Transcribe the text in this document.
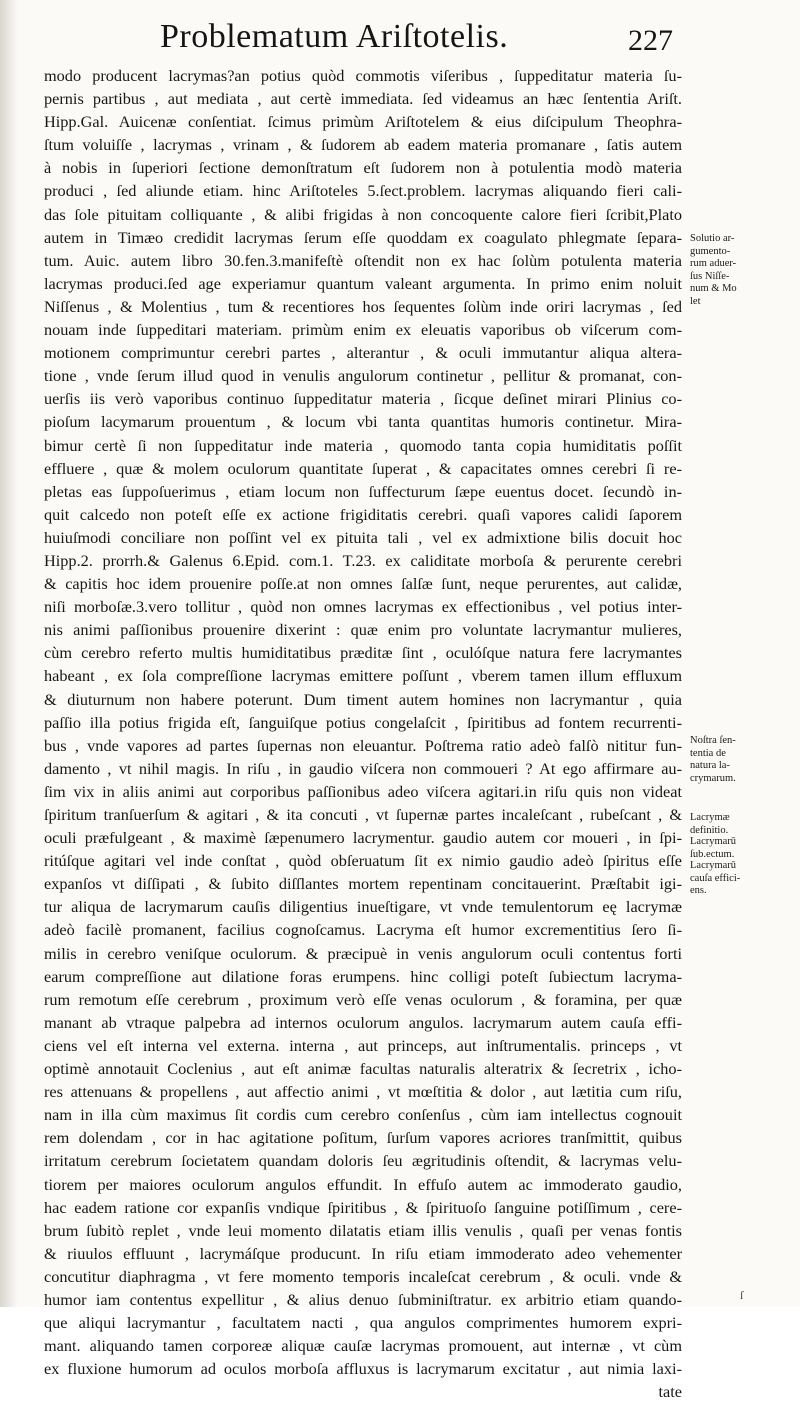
Problematum Ariſtotelis.	227
modo producent lacrymas?an potius quòd commotis viſeribus , ſuppeditatur materia ſu-
pernis partibus , aut mediata , aut certè immediata. ſed videamus an hæc ſententia Ariſt.
Hipp.Gal. Auicenæ conſentiat. ſcimus primùm Ariſtotelem & eius diſcipulum Theophra-
ſtum voluiſſe , lacrymas , vrinam , & ſudorem ab eadem materia promanare , ſatis autem
à nobis in ſuperiori ſectione demonſtratum eſt ſudorem non à potulentia modò materia
produci , ſed aliunde etiam. hinc Ariſtoteles 5.ſect.problem. lacrymas aliquando fieri cali-
das ſole pituitam colliquante , & alibi frigidas à non concoquente calore fieri ſcribit,Plato
autem in Timæo credidit lacrymas ſerum eſſe quoddam ex coagulato phlegmate ſepara-
tum. Auic. autem libro 30.fen.3.manifeſtè oſtendit non ex hac ſolùm potulenta materia
lacrymas produci.ſed age experiamur quantum valeant argumenta. In primo enim noluit
Niſſenus , & Molentius , tum & recentiores hos ſequentes ſolùm inde oriri lacrymas , ſed
nouam inde ſuppeditari materiam. primùm enim ex eleuatis vaporibus ob viſcerum com-
motionem comprimuntur cerebri partes , alterantur , & oculi immutantur aliqua altera-
tione , vnde ſerum illud quod in venulis angulorum continetur , pellitur & promanat, con-
uerſis iis verò vaporibus continuo ſuppeditatur materia , ſicque deſinet mirari Plinius co-
pioſum lacymarum prouentum , & locum vbi tanta quantitas humoris continetur. Mira-
bimur certè ſi non ſuppeditatur inde materia , quomodo tanta copia humiditatis poſſit
effluere , quæ & molem oculorum quantitate ſuperat , & capacitates omnes cerebri ſi re-
pletas eas ſuppoſuerimus , etiam locum non ſuffecturum ſæpe euentus docet. ſecundò in-
quit calcedo non poteſt eſſe ex actione frigiditatis cerebri. quaſi vapores calidi ſaporem
huiuſmodi conciliare non poſſint vel ex pituita tali , vel ex admixtione bilis docuit hoc
Hipp.2. prorrh.& Galenus 6.Epid. com.1. T.23. ex caliditate morboſa & perurente cerebri
& capitis hoc idem prouenire poſſe.at non omnes ſalſæ ſunt, neque perurentes, aut calidæ,
niſi morboſæ.3.vero tollitur , quòd non omnes lacrymas ex effectionibus , vel potius inter-
nis animi paſſionibus prouenire dixerint : quæ enim pro voluntate lacrymantur mulieres,
cùm cerebro referto multis humiditatibus præditæ ſint , oculóſque natura fere lacrymantes
habeant , ex ſola compreſſione lacrymas emittere poſſunt , vberem tamen illum effluxum
& diuturnum non habere poterunt. Dum timent autem homines non lacrymantur , quia
paſſio illa potius frigida eſt, ſanguiſque potius congelaſcit , ſpiritibus ad fontem recurrenti-
bus , vnde vapores ad partes ſupernas non eleuantur. Poſtrema ratio adeò falſò nititur fun-
damento , vt nihil magis. In riſu , in gaudio viſcera non commoueri ? At ego affirmare au-
ſim vix in aliis animi aut corporibus paſſionibus adeo viſcera agitari.in riſu quis non videat
ſpiritum tranſuerſum & agitari , & ita concuti , vt ſupernæ partes incaleſcant , rubeſcant , &
oculi præfulgeant , & maximè ſæpenumero lacrymentur. gaudio autem cor moueri , in ſpi-
ritúſque agitari vel inde conſtat , quòd obſeruatum ſit ex nimio gaudio adeò ſpiritus eſſe
expanſos vt diſſipati , & ſubito diſſlantes mortem repentinam concitauerint. Præſtabit igi-
tur aliqua de lacrymarum cauſis diligentius inueſtigare, vt vnde temulentorum eę lacrymæ
adeò facilè promanent, facilius cognoſcamus. Lacryma eſt humor excrementitius ſero ſi-
milis in cerebro veniſque oculorum. & præcipuè in venis angulorum oculi contentus forti
earum compreſſione aut dilatione foras erumpens. hinc colligi poteſt ſubiectum lacryma-
rum remotum eſſe cerebrum , proximum verò eſſe venas oculorum , & foramina, per quæ
manant ab vtraque palpebra ad internos oculorum angulos. lacrymarum autem cauſa effi-
ciens vel eſt interna vel externa. interna , aut princeps, aut inſtrumentalis. princeps , vt
optimè annotauit Coclenius , aut eſt animæ facultas naturalis alteratrix & ſecretrix , icho-
res attenuans & propellens , aut affectio animi , vt mœſtitia & dolor , aut lætitia cum riſu,
nam in illa cùm maximus ſit cordis cum cerebro conſenſus , cùm iam intellectus cognouit
rem dolendam , cor in hac agitatione poſitum, ſurſum vapores acriores tranſmittit, quibus
irritatum cerebrum ſocietatem quandam doloris ſeu ægritudinis oſtendit, & lacrymas velu-
tiorem per maiores oculorum angulos effundit. In effuſo autem ac immoderato gaudio,
hac eadem ratione cor expanſis vndique ſpiritibus , & ſpirituoſo ſanguine potiſſimum , cere-
brum ſubitò replet , vnde leui momento dilatatis etiam illis venulis , quaſi per venas fontis
& riuulos effluunt , lacrymáſque producunt. In riſu etiam immoderato adeo vehementer
concutitur diaphragma , vt fere momento temporis incaleſcat cerebrum , & oculi. vnde &
humor iam contentus expellitur , & alius denuo ſubminiſtratur. ex arbitrio etiam quando-
que aliqui lacrymantur , facultatem nacti , qua angulos comprimentes humorem expri-
mant. aliquando tamen corporeæ aliquæ cauſæ lacrymas promouent, aut internæ , vt cùm
ex fluxione humorum ad oculos morboſa affluxus is lacrymarum excitatur , aut nimia laxi-
tate
Solutio ar-
gumento-
rum aduer-
ſus Niſſe-
num & Mo
let
Noſtra ſen-
tentia de
natura la-
crymarum.
Lacrymæ
definitio.
Lacrymarū
ſub.ectum.
Lacrymarū
cauſa effici-
ens.
ſ
